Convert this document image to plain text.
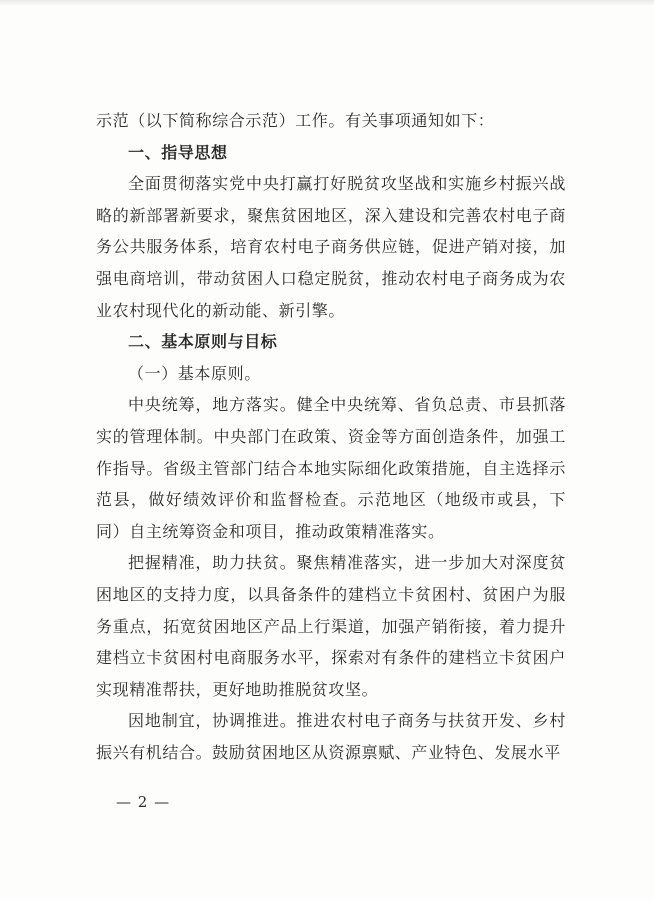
示范（以下简称综合示范）工作。有关事项通知如下：

一、指导思想

全面贯彻落实党中央打赢打好脱贫攻坚战和实施乡村振兴战略的新部署新要求，聚焦贫困地区，深入建设和完善农村电子商务公共服务体系，培育农村电子商务供应链，促进产销对接，加强电商培训，带动贫困人口稳定脱贫，推动农村电子商务成为农业农村现代化的新动能、新引擎。

二、基本原则与目标

（一）基本原则。

中央统筹，地方落实。健全中央统筹、省负总责、市县抓落实的管理体制。中央部门在政策、资金等方面创造条件，加强工作指导。省级主管部门结合本地实际细化政策措施，自主选择示范县，做好绩效评价和监督检查。示范地区（地级市或县，下同）自主统筹资金和项目，推动政策精准落实。

把握精准，助力扶贫。聚焦精准落实，进一步加大对深度贫困地区的支持力度，以具备条件的建档立卡贫困村、贫困户为服务重点，拓宽贫困地区产品上行渠道，加强产销衔接，着力提升建档立卡贫困村电商服务水平，探索对有条件的建档立卡贫困户实现精准帮扶，更好地助推脱贫攻坚。

因地制宜，协调推进。推进农村电子商务与扶贫开发、乡村振兴有机结合。鼓励贫困地区从资源禀赋、产业特色、发展水平

— 2 —
